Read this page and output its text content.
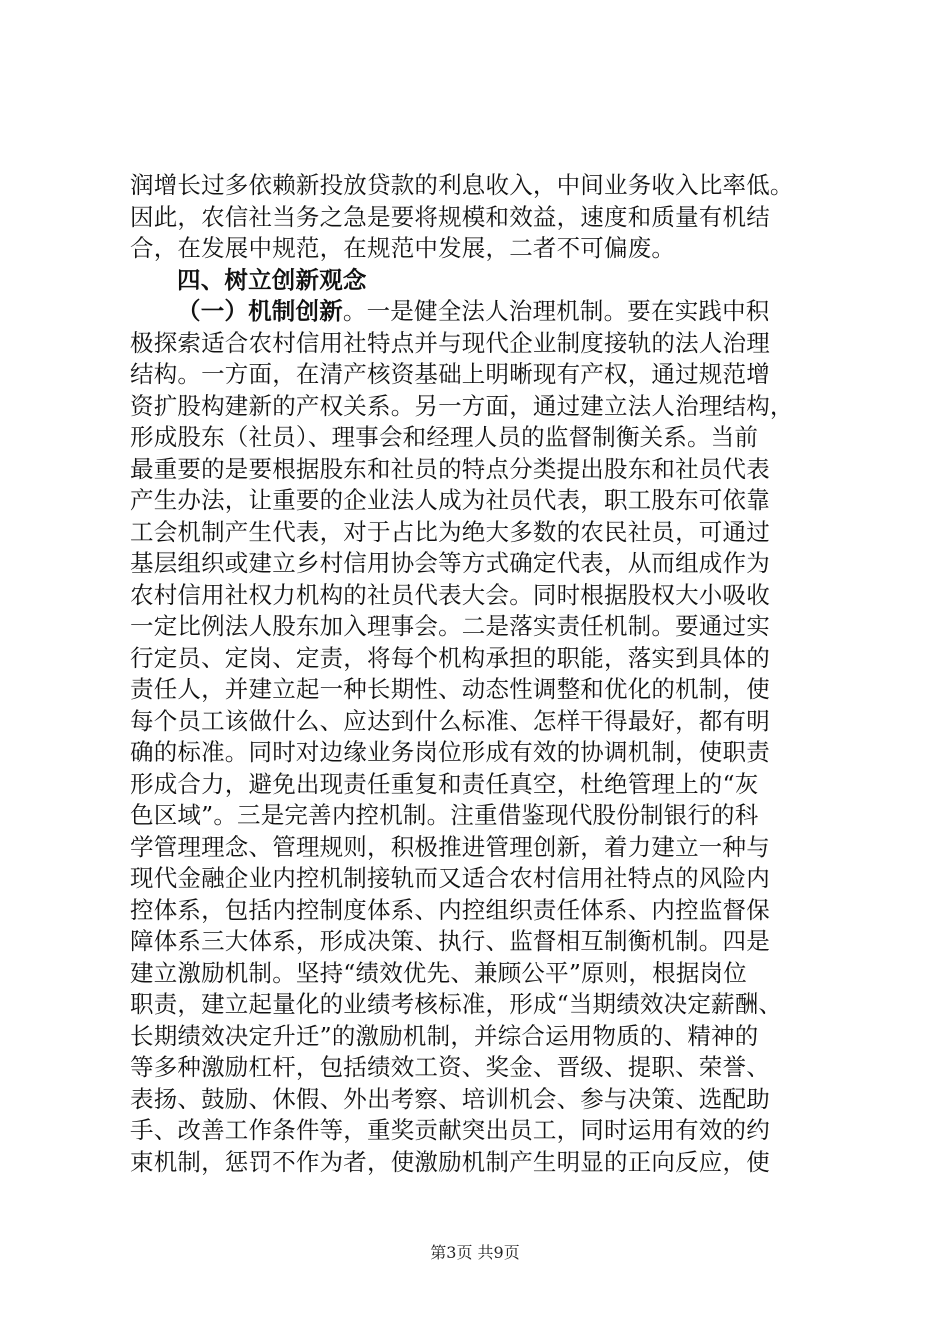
润增长过多依赖新投放贷款的利息收入，中间业务收入比率低。
因此，农信社当务之急是要将规模和效益，速度和质量有机结
合，在发展中规范，在规范中发展，二者不可偏废。
四、树立创新观念
（一）机制创新。一是健全法人治理机制。要在实践中积
极探索适合农村信用社特点并与现代企业制度接轨的法人治理
结构。一方面，在清产核资基础上明晰现有产权，通过规范增
资扩股构建新的产权关系。另一方面，通过建立法人治理结构，
形成股东（社员）、理事会和经理人员的监督制衡关系。当前
最重要的是要根据股东和社员的特点分类提出股东和社员代表
产生办法，让重要的企业法人成为社员代表，职工股东可依靠
工会机制产生代表，对于占比为绝大多数的农民社员，可通过
基层组织或建立乡村信用协会等方式确定代表，从而组成作为
农村信用社权力机构的社员代表大会。同时根据股权大小吸收
一定比例法人股东加入理事会。二是落实责任机制。要通过实
行定员、定岗、定责，将每个机构承担的职能，落实到具体的
责任人，并建立起一种长期性、动态性调整和优化的机制，使
每个员工该做什么、应达到什么标准、怎样干得最好，都有明
确的标准。同时对边缘业务岗位形成有效的协调机制，使职责
形成合力，避免出现责任重复和责任真空，杜绝管理上的“灰
色区域”。三是完善内控机制。注重借鉴现代股份制银行的科
学管理理念、管理规则，积极推进管理创新，着力建立一种与
现代金融企业内控机制接轨而又适合农村信用社特点的风险内
控体系，包括内控制度体系、内控组织责任体系、内控监督保
障体系三大体系，形成决策、执行、监督相互制衡机制。四是
建立激励机制。坚持“绩效优先、兼顾公平”原则，根据岗位
职责，建立起量化的业绩考核标准，形成“当期绩效决定薪酬、
长期绩效决定升迁”的激励机制，并综合运用物质的、精神的
等多种激励杠杆，包括绩效工资、奖金、晋级、提职、荣誉、
表扬、鼓励、休假、外出考察、培训机会、参与决策、选配助
手、改善工作条件等，重奖贡献突出员工，同时运用有效的约
束机制，惩罚不作为者，使激励机制产生明显的正向反应，使
第3页 共9页
